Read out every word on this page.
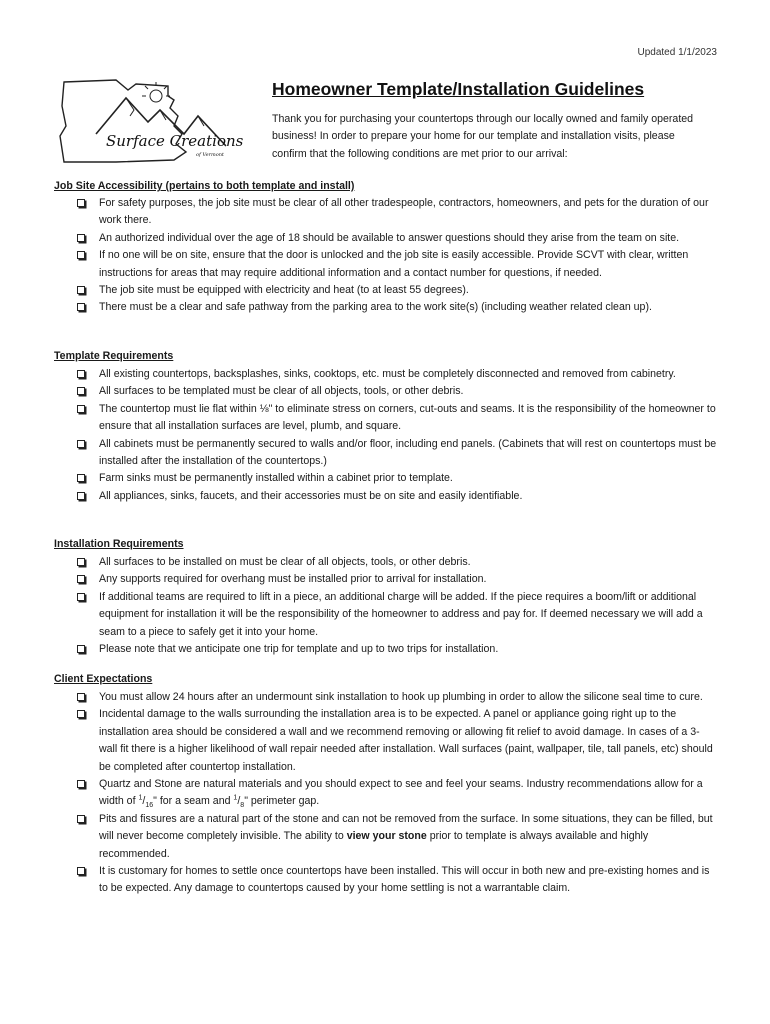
Updated 1/1/2023
Surface Creations
of Vermont
Homeowner Template/Installation Guidelines
Thank you for purchasing your countertops through our locally owned and family operated business! In order to prepare your home for our template and installation visits, please confirm that the following conditions are met prior to our arrival:
Job Site Accessibility (pertains to both template and install)
For safety purposes, the job site must be clear of all other tradespeople, contractors, homeowners, and pets for the duration of our work there.
An authorized individual over the age of 18 should be available to answer questions should they arise from the team on site.
If no one will be on site, ensure that the door is unlocked and the job site is easily accessible. Provide SCVT with clear, written instructions for areas that may require additional information and a contact number for questions, if needed.
The job site must be equipped with electricity and heat (to at least 55 degrees).
There must be a clear and safe pathway from the parking area to the work site(s) (including weather related clean up).
Template Requirements
All existing countertops, backsplashes, sinks, cooktops, etc. must be completely disconnected and removed from cabinetry.
All surfaces to be templated must be clear of all objects, tools, or other debris.
The countertop must lie flat within ⅛" to eliminate stress on corners, cut-outs and seams. It is the responsibility of the homeowner to ensure that all installation surfaces are level, plumb, and square.
All cabinets must be permanently secured to walls and/or floor, including end panels. (Cabinets that will rest on countertops must be installed after the installation of the countertops.)
Farm sinks must be permanently installed within a cabinet prior to template.
All appliances, sinks, faucets, and their accessories must be on site and easily identifiable.
Installation Requirements
All surfaces to be installed on must be clear of all objects, tools, or other debris.
Any supports required for overhang must be installed prior to arrival for installation.
If additional teams are required to lift in a piece, an additional charge will be added. If the piece requires a boom/lift or additional equipment for installation it will be the responsibility of the homeowner to address and pay for. If deemed necessary we will add a seam to a piece to safely get it into your home.
Please note that we anticipate one trip for template and up to two trips for installation.
Client Expectations
You must allow 24 hours after an undermount sink installation to hook up plumbing in order to allow the silicone seal time to cure.
Incidental damage to the walls surrounding the installation area is to be expected. A panel or appliance going right up to the installation area should be considered a wall and we recommend removing or allowing fit relief to avoid damage. In cases of a 3-wall fit there is a higher likelihood of wall repair needed after installation. Wall surfaces (paint, wallpaper, tile, tall panels, etc) should be completed after countertop installation.
Quartz and Stone are natural materials and you should expect to see and feel your seams. Industry recommendations allow for a width of $^1/_{16}$" for a seam and $^1/_8$" perimeter gap.
Pits and fissures are a natural part of the stone and can not be removed from the surface. In some situations, they can be filled, but will never become completely invisible. The ability to view your stone prior to template is always available and highly recommended.
It is customary for homes to settle once countertops have been installed. This will occur in both new and pre-existing homes and is to be expected. Any damage to countertops caused by your home settling is not a warrantable claim.
